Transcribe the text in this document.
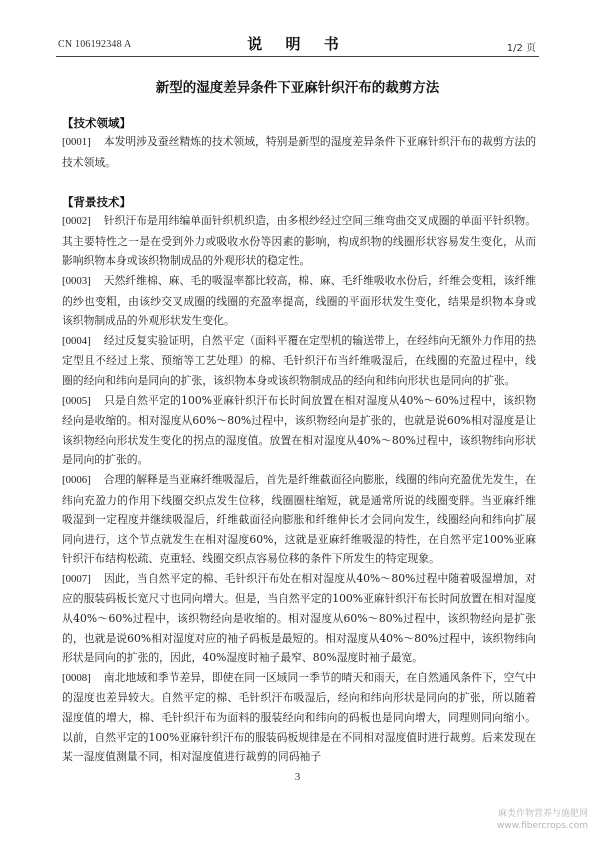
CN 106192348 A	说 明 书	1/2 页
新型的湿度差异条件下亚麻针织汗布的裁剪方法
【技术领域】
[0001] 本发明涉及蚕丝精炼的技术领域，特别是新型的湿度差异条件下亚麻针织汗布的裁剪方法的技术领域。
【背景技术】
[0002] 针织汗布是用纬编单面针织机织造，由多根纱经过空间三维弯曲交叉成圈的单面平针织物。其主要特性之一是在受到外力或吸收水份等因素的影响，构成织物的线圈形状容易发生变化，从而影响织物本身或该织物制成品的外观形状的稳定性。
[0003] 天然纤维棉、麻、毛的吸湿率都比较高，棉、麻、毛纤维吸收水份后，纤维会变粗，该纤维的纱也变粗，由该纱交叉成圈的线圈的充盈率提高，线圈的平面形状发生变化，结果是织物本身或该织物制成品的外观形状发生变化。
[0004] 经过反复实验证明，自然平定（面料平覆在定型机的输送带上，在经纬向无额外力作用的热定型且不经过上浆、预缩等工艺处理）的棉、毛针织汗布当纤维吸湿后，在线圈的充盈过程中，线圈的经向和纬向是同向的扩张，该织物本身或该织物制成品的经向和纬向形状也是同向的扩张。
[0005] 只是自然平定的100%亚麻针织汗布长时间放置在相对湿度从40%～60%过程中，该织物经向是收缩的。相对湿度从60%～80%过程中，该织物经向是扩张的，也就是说60%相对湿度是让该织物经向形状发生变化的拐点的湿度值。放置在相对湿度从40%～80%过程中，该织物纬向形状是同向的扩张的。
[0006] 合理的解释是当亚麻纤维吸湿后，首先是纤维截面径向膨胀，线圈的纬向充盈优先发生，在纬向充盈力的作用下线圈交织点发生位移，线圈圈柱缩短，就是通常所说的线圈变胖。当亚麻纤维吸湿到一定程度并继续吸湿后，纤维截面径向膨胀和纤维伸长才会同向发生，线圈经向和纬向扩展同向进行，这个节点就发生在相对湿度60%，这就是亚麻纤维吸湿的特性，在自然平定100%亚麻针织汗布结构松疏、克重轻、线圈交织点容易位移的条件下所发生的特定现象。
[0007] 因此，当自然平定的棉、毛针织汗布处在相对湿度从40%～80%过程中随着吸湿增加，对应的服装码板长宽尺寸也同向增大。但是，当自然平定的100%亚麻针织汗布长时间放置在相对湿度从40%～60%过程中，该织物经向是收缩的。相对湿度从60%～80%过程中，该织物经向是扩张的，也就是说60%相对湿度对应的袖子码板是最短的。相对湿度从40%～80%过程中，该织物纬向形状是同向的扩张的，因此，40%湿度时袖子最窄、80%湿度时袖子最宽。
[0008] 南北地域和季节差异，即使在同一区域同一季节的晴天和雨天，在自然通风条件下，空气中的湿度也差异较大。自然平定的棉、毛针织汗布吸湿后，经向和纬向形状是同向的扩张，所以随着湿度值的增大，棉、毛针织汗布为面料的服装经向和纬向的码板也是同向增大，同理则同向缩小。以前，自然平定的100%亚麻针织汗布的服装码板规律是在不同相对湿度值时进行裁剪。后来发现在某一湿度值测量不同，相对湿度值进行裁剪的同码袖子
3
麻类作物营养与施肥网
www.fibercrops.com
